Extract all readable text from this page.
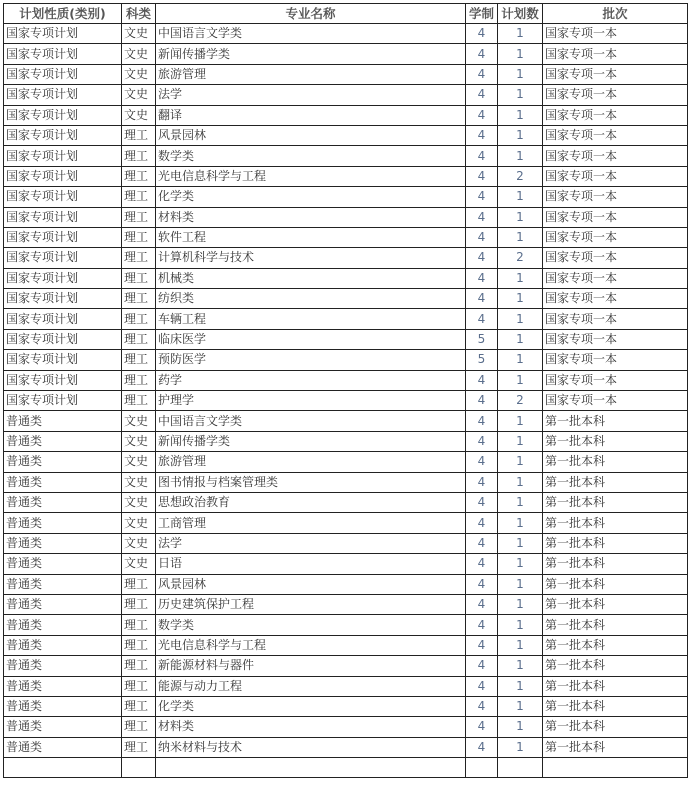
计划性质(类别)	科类	专业名称	学制	计划数	批次
国家专项计划	文史	中国语言文学类	4	1	国家专项一本
国家专项计划	文史	新闻传播学类	4	1	国家专项一本
国家专项计划	文史	旅游管理	4	1	国家专项一本
国家专项计划	文史	法学	4	1	国家专项一本
国家专项计划	文史	翻译	4	1	国家专项一本
国家专项计划	理工	风景园林	4	1	国家专项一本
国家专项计划	理工	数学类	4	1	国家专项一本
国家专项计划	理工	光电信息科学与工程	4	2	国家专项一本
国家专项计划	理工	化学类	4	1	国家专项一本
国家专项计划	理工	材料类	4	1	国家专项一本
国家专项计划	理工	软件工程	4	1	国家专项一本
国家专项计划	理工	计算机科学与技术	4	2	国家专项一本
国家专项计划	理工	机械类	4	1	国家专项一本
国家专项计划	理工	纺织类	4	1	国家专项一本
国家专项计划	理工	车辆工程	4	1	国家专项一本
国家专项计划	理工	临床医学	5	1	国家专项一本
国家专项计划	理工	预防医学	5	1	国家专项一本
国家专项计划	理工	药学	4	1	国家专项一本
国家专项计划	理工	护理学	4	2	国家专项一本
普通类	文史	中国语言文学类	4	1	第一批本科
普通类	文史	新闻传播学类	4	1	第一批本科
普通类	文史	旅游管理	4	1	第一批本科
普通类	文史	图书情报与档案管理类	4	1	第一批本科
普通类	文史	思想政治教育	4	1	第一批本科
普通类	文史	工商管理	4	1	第一批本科
普通类	文史	法学	4	1	第一批本科
普通类	文史	日语	4	1	第一批本科
普通类	理工	风景园林	4	1	第一批本科
普通类	理工	历史建筑保护工程	4	1	第一批本科
普通类	理工	数学类	4	1	第一批本科
普通类	理工	光电信息科学与工程	4	1	第一批本科
普通类	理工	新能源材料与器件	4	1	第一批本科
普通类	理工	能源与动力工程	4	1	第一批本科
普通类	理工	化学类	4	1	第一批本科
普通类	理工	材料类	4	1	第一批本科
普通类	理工	纳米材料与技术	4	1	第一批本科
